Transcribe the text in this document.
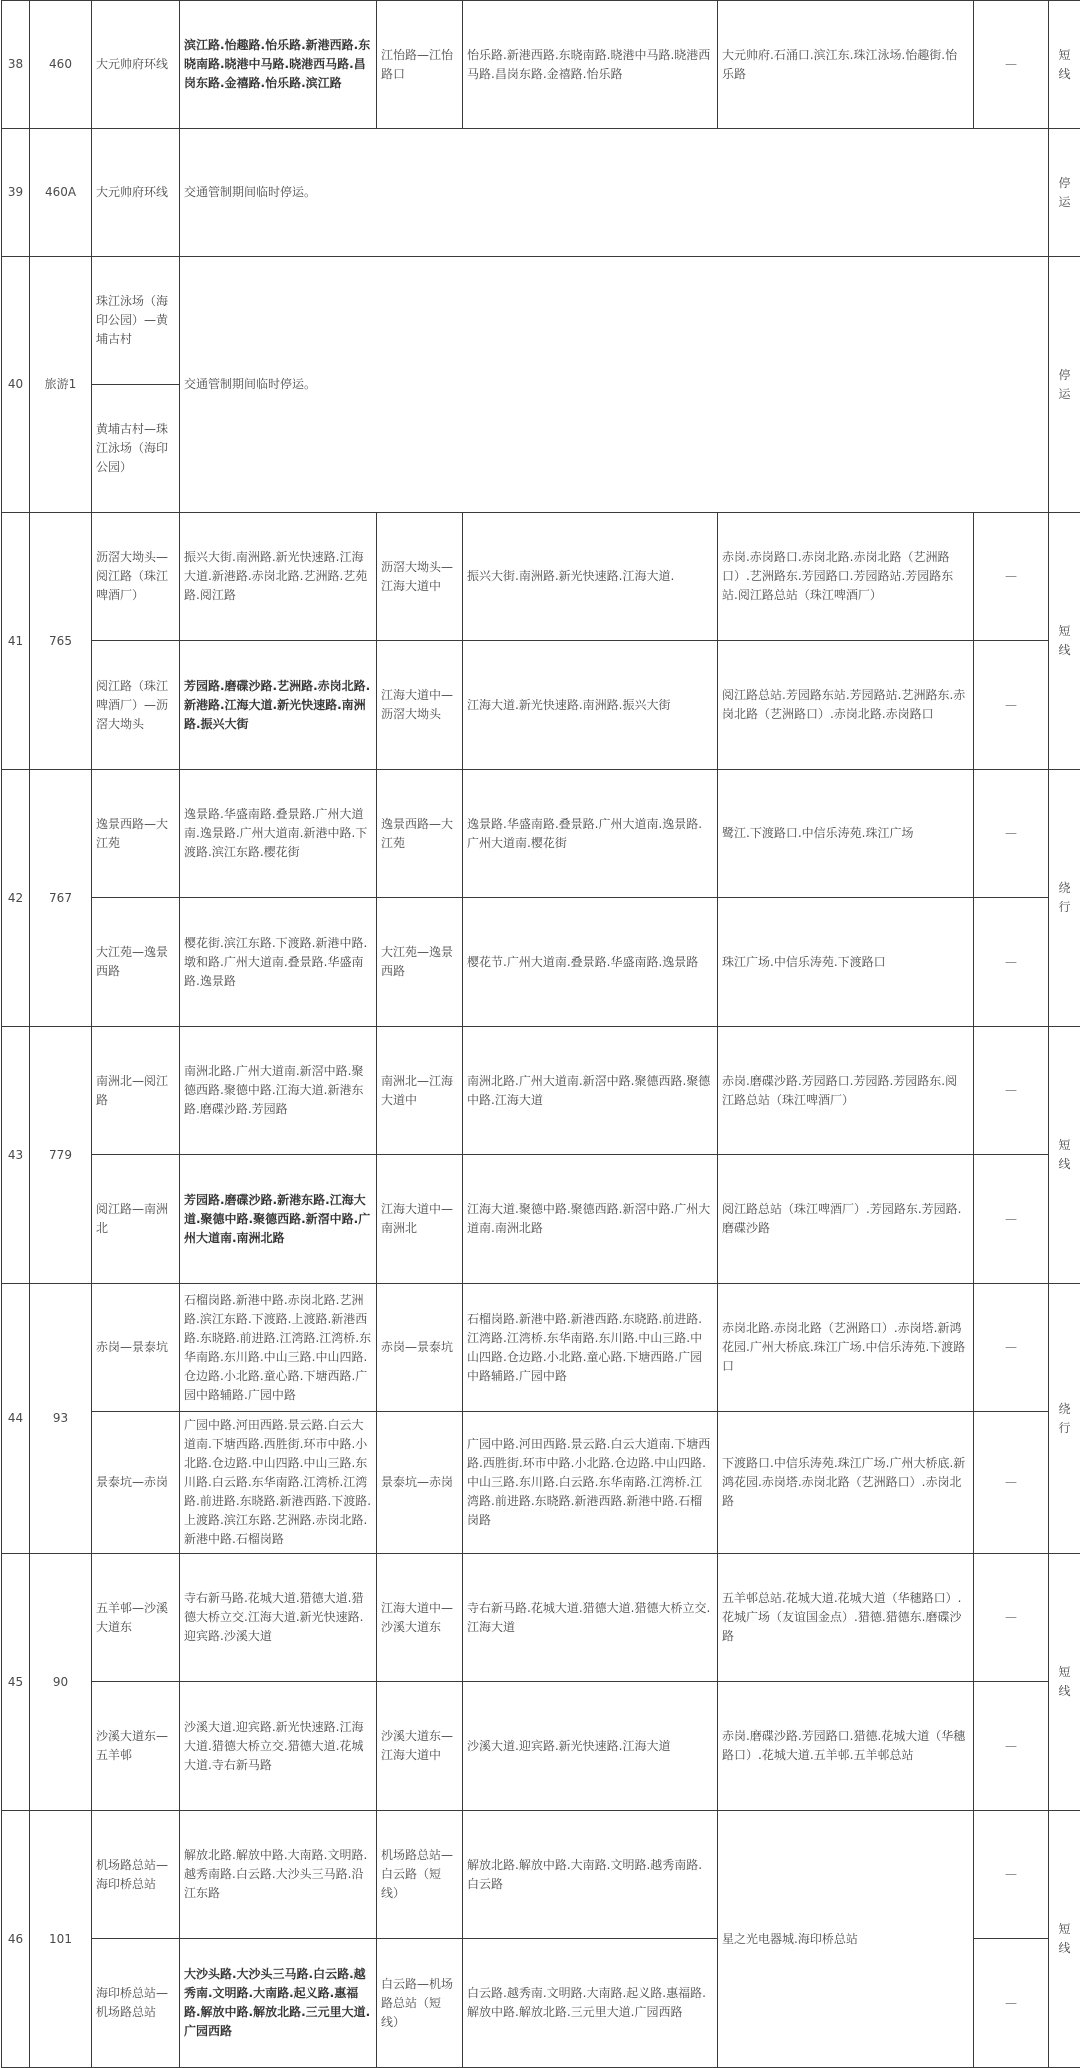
38	460	大元帅府环线	滨江路.怡趣路.怡乐路.新港西路.东晓南路.晓港中马路.晓港西马路.昌岗东路.金禧路.怡乐路.滨江路	江怡路—江怡路口	怡乐路.新港西路.东晓南路.晓港中马路.晓港西马路.昌岗东路.金禧路.怡乐路	大元帅府.石涌口.滨江东.珠江泳场.怡趣街.怡乐路	—	短线
39	460A	大元帅府环线	交通管制期间临时停运。					停运
40	旅游1	珠江泳场（海印公园）—黄埔古村	交通管制期间临时停运。					停运
		黄埔古村—珠江泳场（海印公园）						
41	765	沥滘大坳头—阅江路（珠江啤酒厂）	振兴大街.南洲路.新光快速路.江海大道.新港路.赤岗北路.艺洲路.艺苑路.阅江路	沥滘大坳头—江海大道中	振兴大街.南洲路.新光快速路.江海大道.	赤岗.赤岗路口.赤岗北路.赤岗北路（艺洲路口）.艺洲路东.芳园路口.芳园路站.芳园路东站.阅江路总站（珠江啤酒厂）	—	短线
		阅江路（珠江啤酒厂）—沥滘大坳头	芳园路.磨碟沙路.艺洲路.赤岗北路.新港路.江海大道.新光快速路.南洲路.振兴大街	江海大道中—沥滘大坳头	江海大道.新光快速路.南洲路.振兴大街	阅江路总站.芳园路东站.芳园路站.艺洲路东.赤岗北路（艺洲路口）.赤岗北路.赤岗路口	—	
42	767	逸景西路—大江苑	逸景路.华盛南路.叠景路.广州大道南.逸景路.广州大道南.新港中路.下渡路.滨江东路.樱花街	逸景西路—大江苑	逸景路.华盛南路.叠景路.广州大道南.逸景路.广州大道南.樱花街	鹭江.下渡路口.中信乐涛苑.珠江广场	—	绕行
		大江苑—逸景西路	樱花街.滨江东路.下渡路.新港中路.墩和路.广州大道南.叠景路.华盛南路.逸景路	大江苑—逸景西路	樱花节.广州大道南.叠景路.华盛南路.逸景路	珠江广场.中信乐涛苑.下渡路口	—	
43	779	南洲北—阅江路	南洲北路.广州大道南.新滘中路.聚德西路.聚德中路.江海大道.新港东路.磨碟沙路.芳园路	南洲北—江海大道中	南洲北路.广州大道南.新滘中路.聚德西路.聚德中路.江海大道	赤岗.磨碟沙路.芳园路口.芳园路.芳园路东.阅江路总站（珠江啤酒厂）	—	短线
		阅江路—南洲北	芳园路.磨碟沙路.新港东路.江海大道.聚德中路.聚德西路.新滘中路.广州大道南.南洲北路	江海大道中—南洲北	江海大道.聚德中路.聚德西路.新滘中路.广州大道南.南洲北路	阅江路总站（珠江啤酒厂）.芳园路东.芳园路.磨碟沙路	—	
44	93	赤岗—景泰坑	石榴岗路.新港中路.赤岗北路.艺洲路.滨江东路.下渡路.上渡路.新港西路.东晓路.前进路.江湾路.江湾桥.东华南路.东川路.中山三路.中山四路.仓边路.小北路.童心路.下塘西路.广园中路辅路.广园中路	赤岗—景泰坑	石榴岗路.新港中路.新港西路.东晓路.前进路.江湾路.江湾桥.东华南路.东川路.中山三路.中山四路.仓边路.小北路.童心路.下塘西路.广园中路辅路.广园中路	赤岗北路.赤岗北路（艺洲路口）.赤岗塔.新鸿花园.广州大桥底.珠江广场.中信乐涛苑.下渡路口	—	绕行
		景泰坑—赤岗	广园中路.河田西路.景云路.白云大道南.下塘西路.西胜街.环市中路.小北路.仓边路.中山四路.中山三路.东川路.白云路.东华南路.江湾桥.江湾路.前进路.东晓路.新港西路.下渡路.上渡路.滨江东路.艺洲路.赤岗北路.新港中路.石榴岗路	景泰坑—赤岗	广园中路.河田西路.景云路.白云大道南.下塘西路.西胜街.环市中路.小北路.仓边路.中山四路.中山三路.东川路.白云路.东华南路.江湾桥.江湾路.前进路.东晓路.新港西路.新港中路.石榴岗路	下渡路口.中信乐涛苑.珠江广场.广州大桥底.新鸿花园.赤岗塔.赤岗北路（艺洲路口）.赤岗北路	—	
45	90	五羊邨—沙溪大道东	寺右新马路.花城大道.猎德大道.猎德大桥立交.江海大道.新光快速路.迎宾路.沙溪大道	江海大道中—沙溪大道东	寺右新马路.花城大道.猎德大道.猎德大桥立交.江海大道	五羊邨总站.花城大道.花城大道（华穗路口）.花城广场（友谊国金点）.猎德.猎德东.磨碟沙路	—	短线
		沙溪大道东—五羊邨	沙溪大道.迎宾路.新光快速路.江海大道.猎德大桥立交.猎德大道.花城大道.寺右新马路	沙溪大道东—江海大道中	沙溪大道.迎宾路.新光快速路.江海大道	赤岗.磨碟沙路.芳园路口.猎德.花城大道（华穗路口）.花城大道.五羊邨.五羊邨总站	—	
46	101	机场路总站—海印桥总站	解放北路.解放中路.大南路.文明路.越秀南路.白云路.大沙头三马路.沿江东路	机场路总站—白云路（短线）	解放北路.解放中路.大南路.文明路.越秀南路.白云路	星之光电器城.海印桥总站	—	短线
		海印桥总站—机场路总站	大沙头路.大沙头三马路.白云路.越秀南.文明路.大南路.起义路.惠福路.解放中路.解放北路.三元里大道.广园西路	白云路—机场路总站（短线）	白云路.越秀南.文明路.大南路.起义路.惠福路.解放中路.解放北路.三元里大道.广园西路		—	
